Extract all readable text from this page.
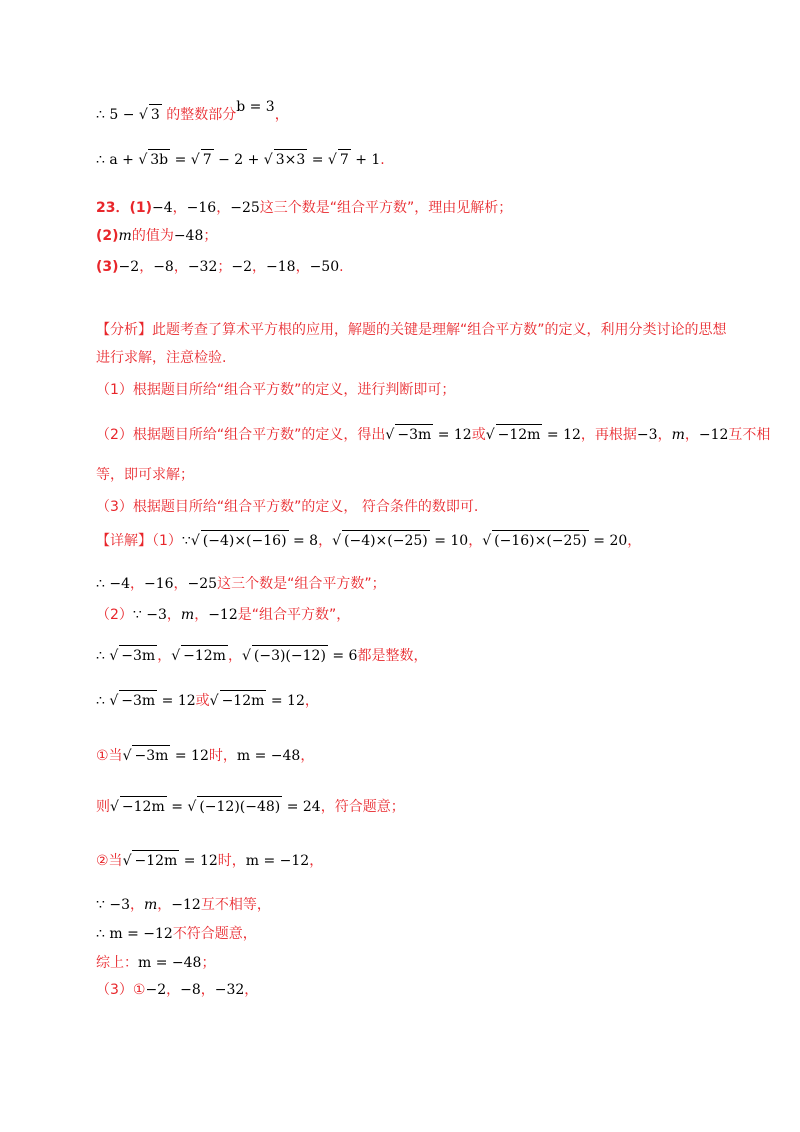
∴ 5 − √ 3 的整数部分b = 3，
∴ a + √ 3b = √ 7 − 2 + √ 3×3 = √ 7 + 1.
23．(1)−4，−16，−25这三个数是“组合平方数”，理由见解析；
(2)m的值为−48；
(3)−2，−8，−32；−2，−18，−50.
【分析】此题考查了算术平方根的应用，解题的关键是理解“组合平方数”的定义，利用分类讨论的思想
进行求解，注意检验.
（1）根据题目所给“组合平方数”的定义，进行判断即可；
（2）根据题目所给“组合平方数”的定义，得出√ −3m = 12或√ −12m = 12，再根据−3，m，−12互不相
等，即可求解；
（3）根据题目所给“组合平方数”的定义， 符合条件的数即可.
【详解】（1）∵√ (−4)×(−16) = 8，√ (−4)×(−25) = 10，√ (−16)×(−25) = 20，
∴ −4，−16，−25这三个数是“组合平方数”；
（2）∵ −3，m，−12是“组合平方数”，
∴ √ −3m ，√ −12m ，√ (−3)(−12) = 6都是整数，
∴ √ −3m = 12或√ −12m = 12，
①当√ −3m = 12时，m = −48，
则√ −12m = √ (−12)(−48) = 24，符合题意；
②当√ −12m = 12时，m = −12，
∵ −3，m，−12互不相等，
∴ m = −12不符合题意，
综上：m = −48；
（3）①−2，−8，−32，
